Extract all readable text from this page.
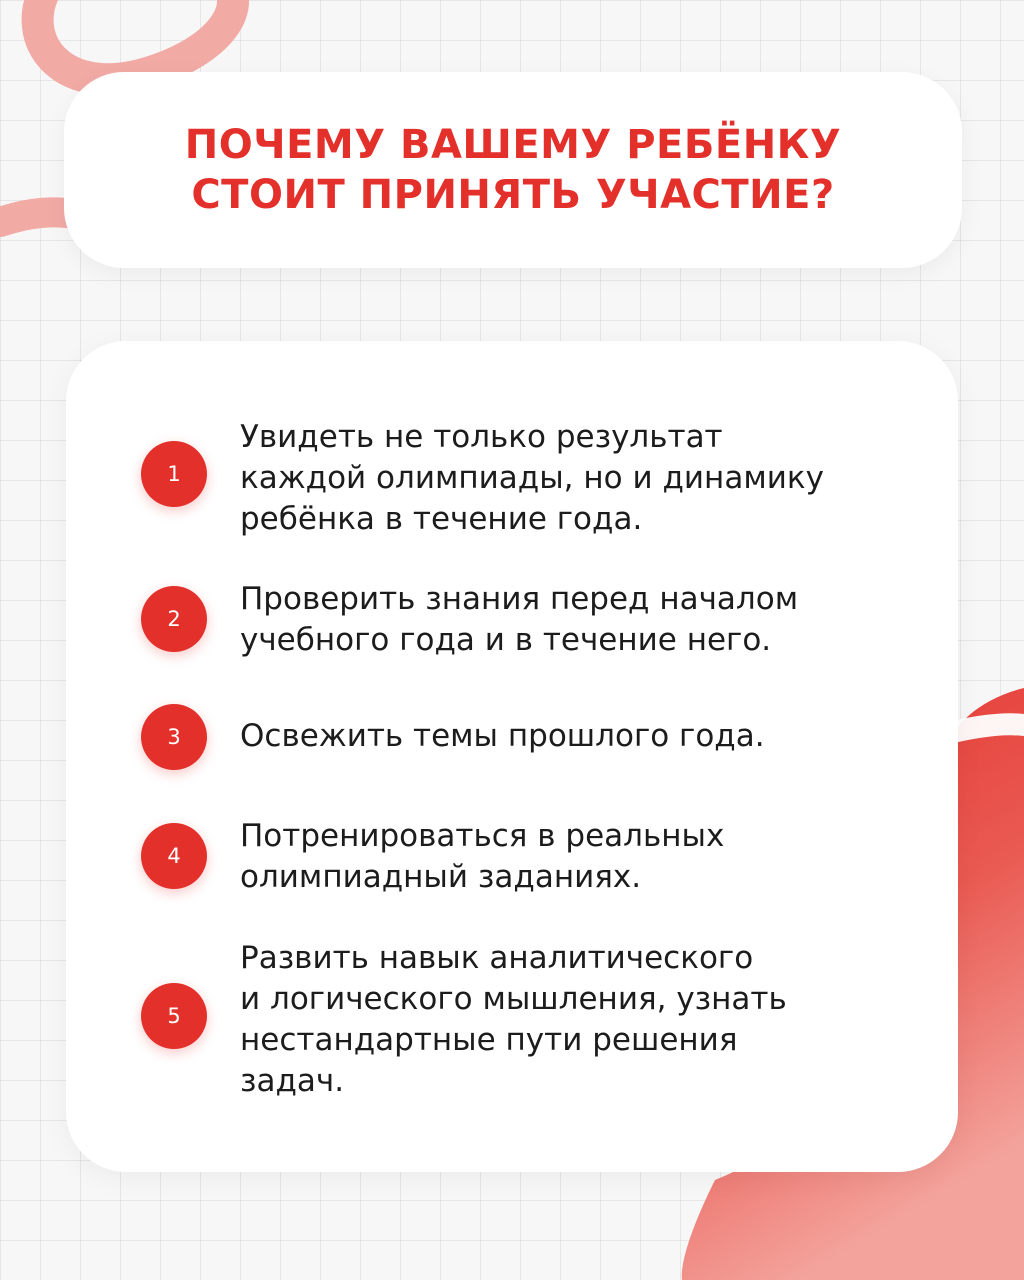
ПОЧЕМУ ВАШЕМУ РЕБЁНКУ
СТОИТ ПРИНЯТЬ УЧАСТИЕ?
1

Увидеть не только результат
каждой олимпиады, но и динамику
ребёнка в течение года.

2

Проверить знания перед началом
учебного года и в течение него.

3 Освежить темы прошлого года.

4

Потренироваться в реальных
олимпиадный заданиях.

5

Развить навык аналитического
и логического мышления, узнать
нестандартные пути решения
задач.
